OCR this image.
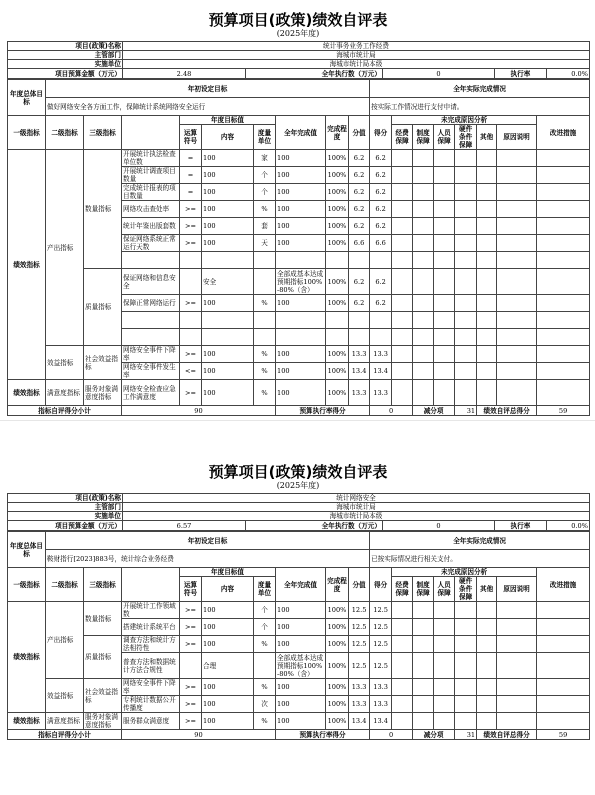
预算项目(政策)绩效自评表
(2025年度)
项目(政策)名称	统计事务业务工作经费
主管部门	海城市统计局
实施单位	海城市统计局本级
项目预算金额（万元）	2.48	全年执行数（万元）	0		执行率	0.0%
年度总体目标	年初设定目标									全年实际完成情况							
	做好网络安全各方面工作，保障统计系统网络安全运行									按实际工作情况进行支付申请。							
一级指标	二级指标	三级指标		年度目标值			全年完成值	完成程度	分值	得分	未完成原因分析						改进措施
				运算符号	内容	度量单位					经费保障	制度保障	人员保障	硬件条件保障	其他	原因说明	
绩效指标	产出指标	数量指标	开展统计执法检查单位数	=	100	家	100	100%	6.2	6.2							
			开展统计调查项目数量	=	100	个	100	100%	6.2	6.2							
			完成统计报表的项目数量	=	100	个	100	100%	6.2	6.2							
			网络攻击查处率	>=	100	%	100	100%	6.2	6.2							
			统计年鉴出版套数	>=	100	套	100	100%	6.2	6.2							
			保证网络系统正常运行天数	>=	100	天	100	100%	6.6	6.6							

		质量指标	保证网络和信息安全		安全		全部成基本达成预期指标100%-80%（含）	100%	6.2	6.2							
			保障正常网络运行	>=	100	%	100	100%	6.2	6.2							

	效益指标	社会效益指标	网络安全事件下降率	>=	100	%	100	100%	13.3	13.3							
			网络安全事件发生率	<=	100	%	100	100%	13.4	13.4							
绩效指标	满意度指标	服务对象满意度指标	网络安全检查应急工作满意度	>=	100	%	100	100%	13.3	13.3							
指标自评得分小计			90				预算执行率得分			0		减分项		31	绩效自评总得分		59
预算项目(政策)绩效自评表
(2025年度)
项目(政策)名称	统计网络安全
主管部门	海城市统计局
实施单位	海城市统计局本级
项目预算金额（万元）	6.57	全年执行数（万元）	0		执行率	0.0%
年度总体目标	年初设定目标									全年实际完成情况							
	鞍财指行[2023]883号，统计综合业务经费									已按实际情况进行相关支付。							
一级指标	二级指标	三级指标		年度目标值			全年完成值	完成程度	分值	得分	未完成原因分析						改进措施
				运算符号	内容	度量单位					经费保障	制度保障	人员保障	硬件条件保障	其他	原因说明	
绩效指标	产出指标	数量指标	开展统计工作领域数	>=	100	个	100	100%	12.5	12.5							
			搭建统计系统平台	>=	100	个	100	100%	12.5	12.5							
		质量指标	调查方法和统计方法相符性	>=	100	%	100	100%	12.5	12.5							
			普查方法和数据统计方法合规性		合理		全部成基本达成预期指标100%-80%（含）	100%	12.5	12.5							
	效益指标	社会效益指标	网络安全事件下降率	>=	100	%	100	100%	13.3	13.3							
			专利统计数据公开传播度	>=	100	次	100	100%	13.3	13.3							
绩效指标	满意度指标	服务对象满意度指标	服务群众满意度	>=	100	%	100	100%	13.4	13.4							
指标自评得分小计			90				预算执行率得分			0		减分项		31	绩效自评总得分		59
